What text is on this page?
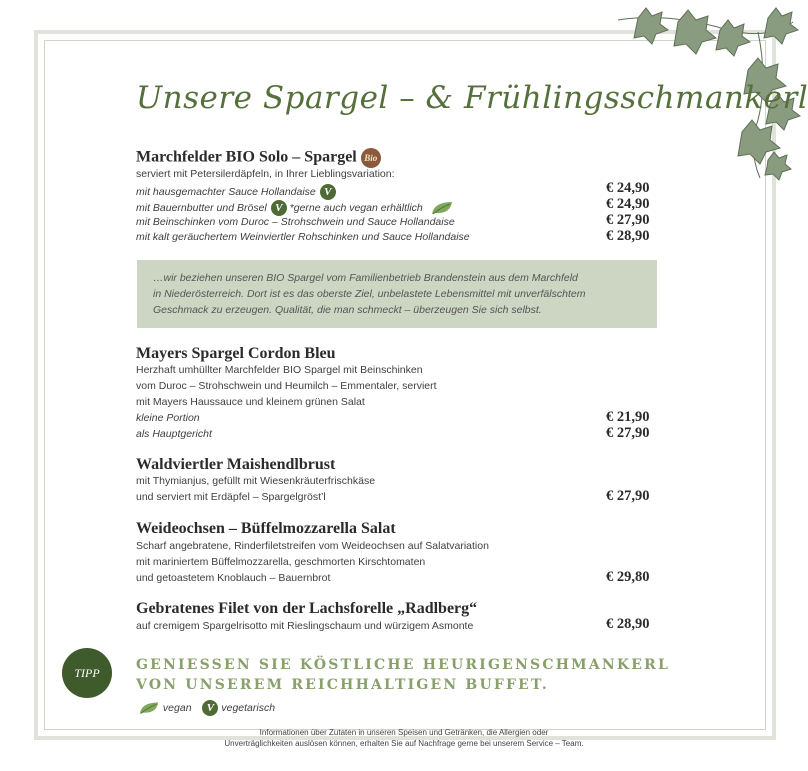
Unsere Spargel – & Frühlingsschmankerl
Marchfelder BIO Solo – Spargel Bio
serviert mit Petersilerdäpfeln, in Ihrer Lieblingsvariation:
mit hausgemachter Sauce Hollandaise V	€ 24,90
mit Bauernbutter und Brösel V *gerne auch vegan erhältlich	€ 24,90
mit Beinschinken vom Duroc – Strohschwein und Sauce Hollandaise	€ 27,90
mit kalt geräuchertem Weinviertler Rohschinken und Sauce Hollandaise	€ 28,90
…wir beziehen unseren BIO Spargel vom Familienbetrieb Brandenstein aus dem Marchfeld
in Niederösterreich. Dort ist es das oberste Ziel, unbelastete Lebensmittel mit unverfälschtem
Geschmack zu erzeugen. Qualität, die man schmeckt – überzeugen Sie sich selbst.
Mayers Spargel Cordon Bleu
Herzhaft umhüllter Marchfelder BIO Spargel mit Beinschinken
vom Duroc – Strohschwein und Heumilch – Emmentaler, serviert
mit Mayers Haussauce und kleinem grünen Salat
kleine Portion	€ 21,90
als Hauptgericht	€ 27,90
Waldviertler Maishendlbrust
mit Thymianjus, gefüllt mit Wiesenkräuterfrischkäse
und serviert mit Erdäpfel – Spargelgröst’l	€ 27,90
Weideochsen – Büffelmozzarella Salat
Scharf angebratene, Rinderfiletstreifen vom Weideochsen auf Salatvariation
mit mariniertem Büffelmozzarella, geschmorten Kirschtomaten
und getoastetem Knoblauch – Bauernbrot	€ 29,80
Gebratenes Filet von der Lachsforelle „Radlberg“
auf cremigem Spargelrisotto mit Rieslingschaum und würzigem Asmonte	€ 28,90
TIPP	GENIESSEN SIE KÖSTLICHE HEURIGENSCHMANKERL
VON UNSEREM REICHHALTIGEN BUFFET.
vegan V vegetarisch
Informationen über Zutaten in unseren Speisen und Getränken, die Allergien oder
Unverträglichkeiten auslösen können, erhalten Sie auf Nachfrage gerne bei unserem Service – Team.
